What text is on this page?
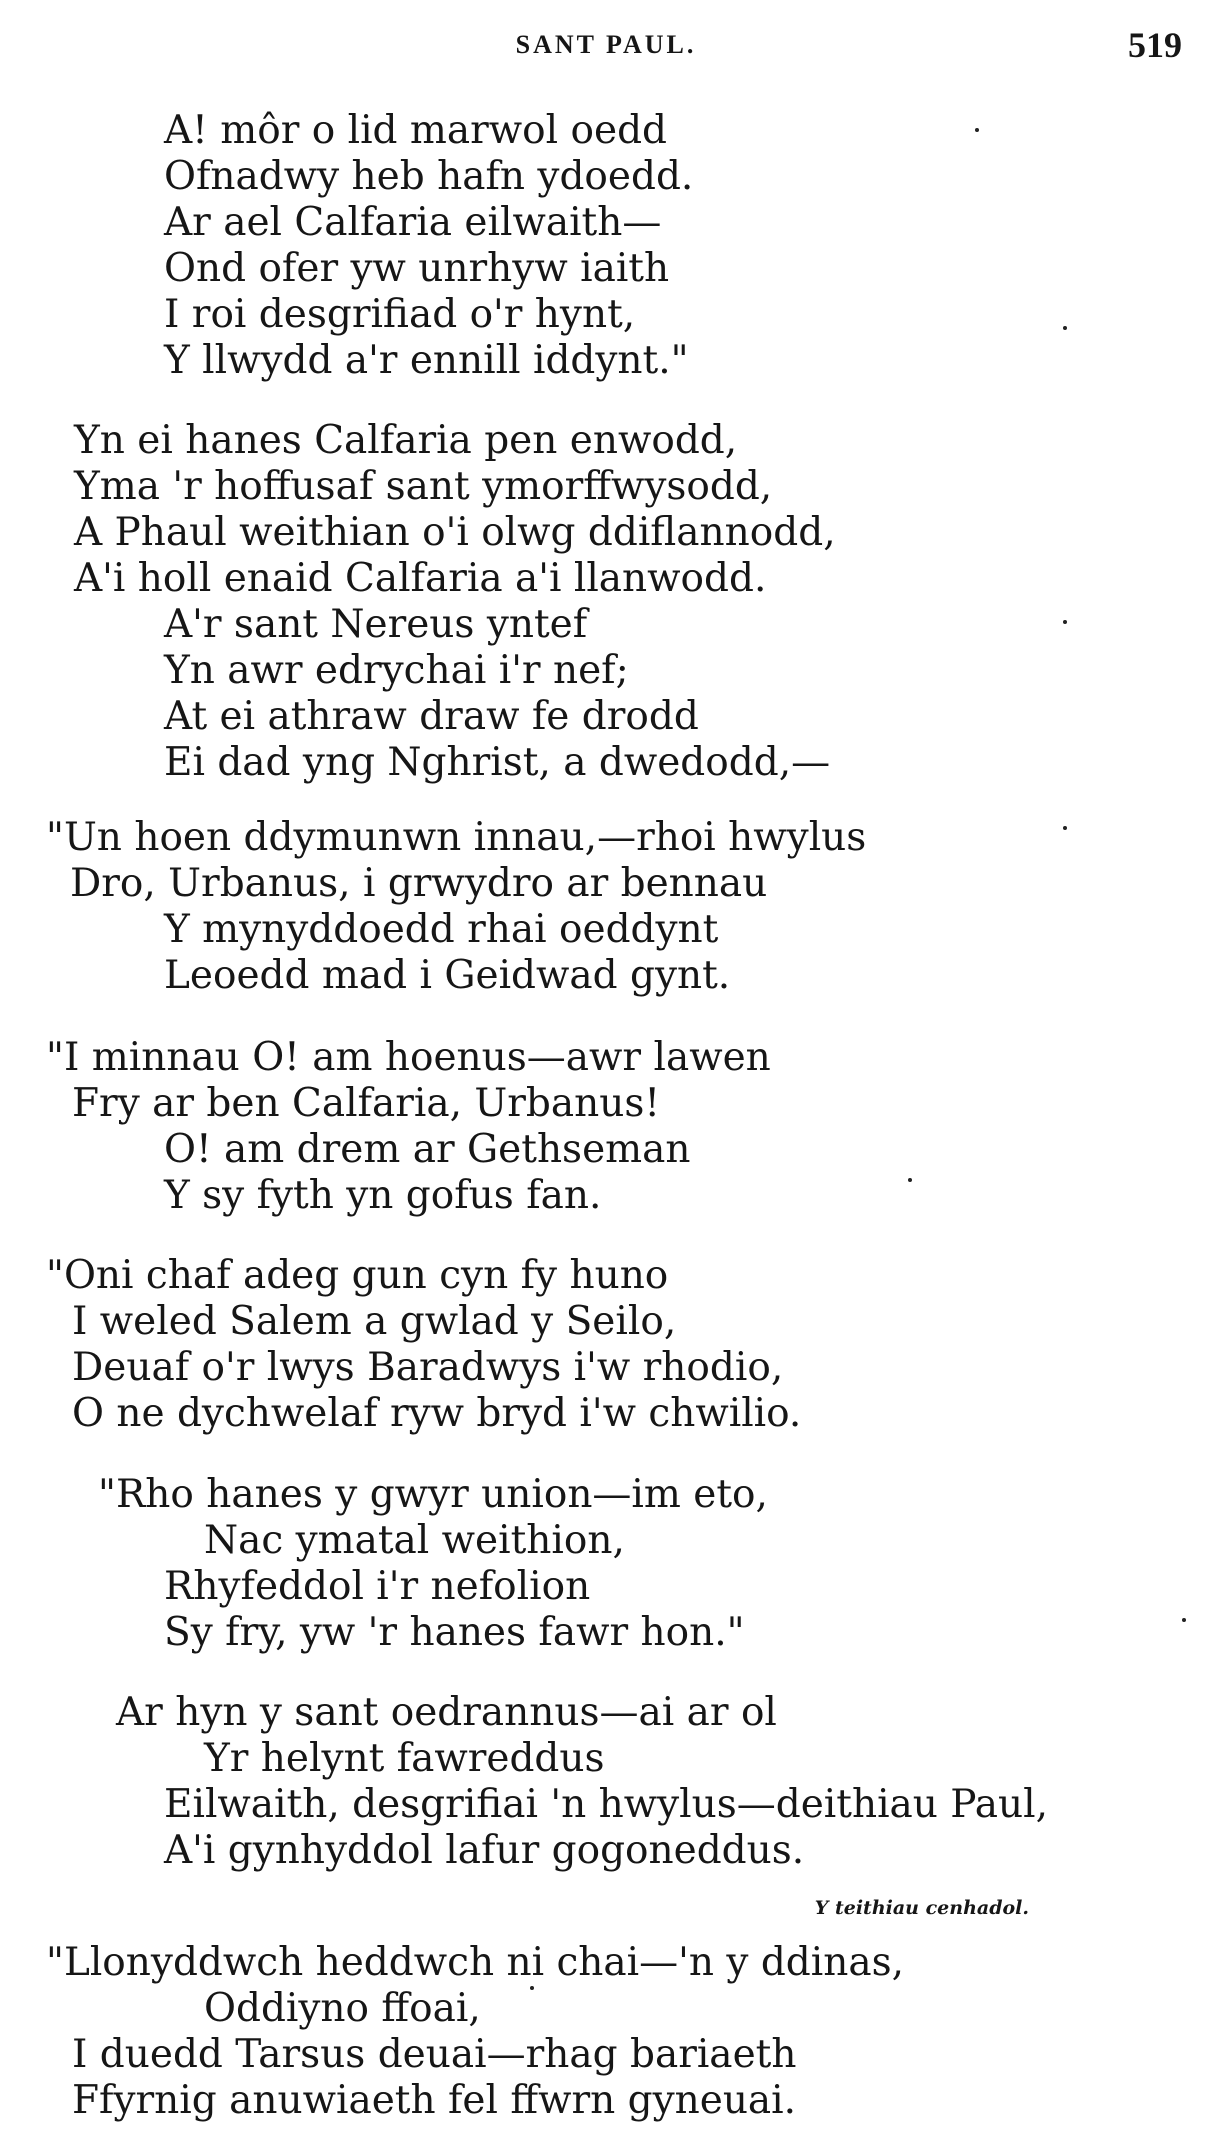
SANT PAUL.	519
A! môr o lid marwol oedd
Ofnadwy heb hafn ydoedd.
Ar ael Calfaria eilwaith—
Ond ofer yw unrhyw iaith
I roi desgrifiad o'r hynt,
Y llwydd a'r ennill iddynt."
Yn ei hanes Calfaria pen enwodd,
Yma 'r hoffusaf sant ymorffwysodd,
A Phaul weithian o'i olwg ddiflannodd,
A'i holl enaid Calfaria a'i llanwodd.
A'r sant Nereus yntef
Yn awr edrychai i'r nef;
At ei athraw draw fe drodd
Ei dad yng Nghrist, a dwedodd,—
"Un hoen ddymunwn innau,—rhoi hwylus
Dro, Urbanus, i grwydro ar bennau
Y mynyddoedd rhai oeddynt
Leoedd mad i Geidwad gynt.
"I minnau O! am hoenus—awr lawen
Fry ar ben Calfaria, Urbanus!
O! am drem ar Gethseman
Y sy fyth yn gofus fan.
"Oni chaf adeg gun cyn fy huno
I weled Salem a gwlad y Seilo,
Deuaf o'r lwys Baradwys i'w rhodio,
O ne dychwelaf ryw bryd i'w chwilio.
"Rho hanes y gwyr union—im eto,
Nac ymatal weithion,
Rhyfeddol i'r nefolion
Sy fry, yw 'r hanes fawr hon."
Ar hyn y sant oedrannus—ai ar ol
Yr helynt fawreddus
Eilwaith, desgrifiai 'n hwylus—deithiau Paul,
A'i gynhyddol lafur gogoneddus.
Y teithiau cenhadol.
"Llonyddwch heddwch ni chai—'n y ddinas,
Oddiyno ffoai,
I duedd Tarsus deuai—rhag bariaeth
Ffyrnig anuwiaeth fel ffwrn gyneuai.
